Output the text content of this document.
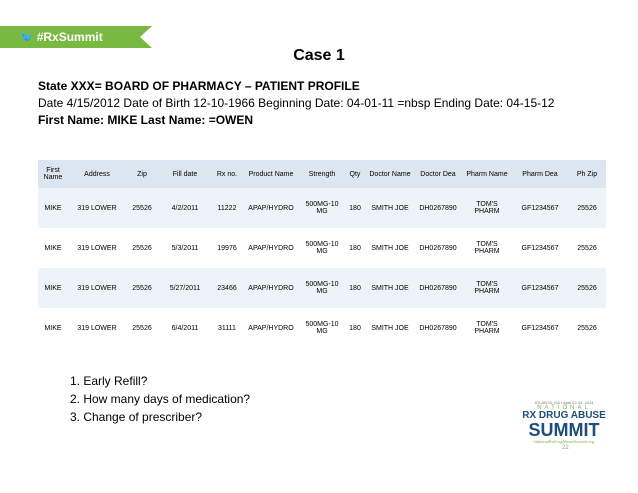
🐦 #RxSummit
Case 1
State XXX= BOARD OF PHARMACY – PATIENT PROFILE
Date 4/15/2012 Date of Birth 12-10-1966 Beginning Date: 04-01-11 =nbsp Ending Date: 04-15-12
First Name: MIKE Last Name: =OWEN
First Name	Address	Zip	Fill date	Rx no.	Product Name	Strength	Qty	Doctor Name	Doctor Dea	Pharm Name	Pharm Dea	Ph Zip
MIKE	319 LOWER	25526	4/2/2011	11222	APAP/HYDRO	500MG-10 MG	180	SMITH JOE	DH0267890	TOM'S PHARM	GF1234567	25526
MIKE	319 LOWER	25526	5/3/2011	19976	APAP/HYDRO	500MG-10 MG	180	SMITH JOE	DH0267890	TOM'S PHARM	GF1234567	25526
MIKE	319 LOWER	25526	5/27/2011	23466	APAP/HYDRO	500MG-10 MG	180	SMITH JOE	DH0267890	TOM'S PHARM	GF1234567	25526
MIKE	319 LOWER	25526	6/4/2011	31111	APAP/HYDRO	500MG-10 MG	180	SMITH JOE	DH0267890	TOM'S PHARM	GF1234567	25526
1. Early Refill?
2. How many days of medication?
3. Change of prescriber?
ATLANTA, GA • April 22-24, 2014
NATIONAL
RX DRUG ABUSE
SUMMIT
NationalRxDrugAbuseSummit.org
22
